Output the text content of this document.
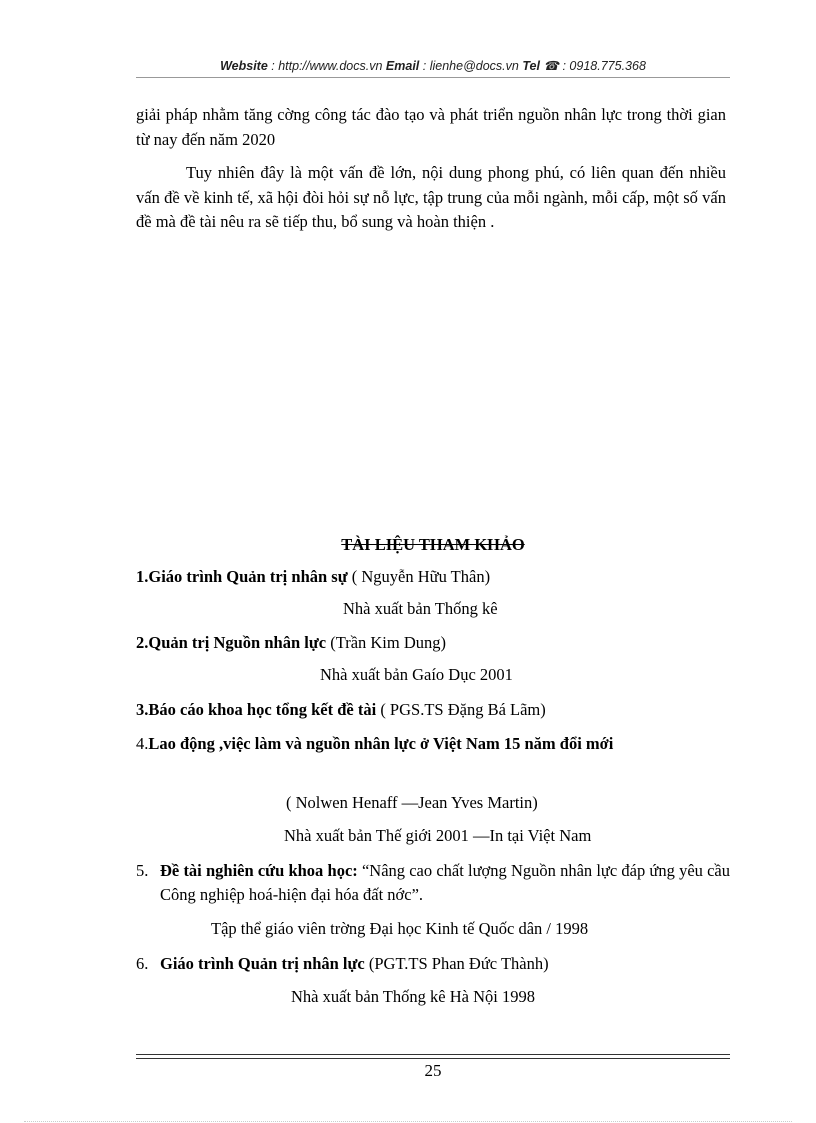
Website : http://www.docs.vn Email : lienhe@docs.vn Tel ☎ : 0918.775.368
giải pháp nhằm tăng cờng công tác đào tạo và phát triển nguồn nhân lực trong thời gian từ nay đến năm 2020
Tuy nhiên đây là một vấn đề lớn, nội dung phong phú, có liên quan đến nhiều vấn đề về kinh tế, xã hội đòi hỏi sự nỗ lực, tập trung của mỗi ngành, mỗi cấp, một số vấn đề mà đề tài nêu ra sẽ tiếp thu, bổ sung và hoàn thiện .
TÀI LIỆU THAM KHẢO
1.Giáo trình Quản trị nhân sự ( Nguyễn Hữu Thân)
Nhà xuất bản Thống kê
2.Quản trị Nguồn nhân lực (Trần Kim Dung)
Nhà xuất bản Gaío Dục 2001
3.Báo cáo khoa học tổng kết đề tài ( PGS.TS Đặng Bá Lãm)
4.Lao động ,việc làm và nguồn nhân lực ở Việt Nam 15 năm đổi mới
( Nolwen Henaff —Jean Yves Martin)
Nhà xuất bản Thế giới 2001 —In tại Việt Nam
5. Đề tài nghiên cứu khoa học: “Nâng cao chất lượng Nguồn nhân lực đáp ứng yêu cầu Công nghiệp hoá-hiện đại hóa đất nớc”.
Tập thể giáo viên trờng Đại học Kinh tế Quốc dân / 1998
6. Giáo trình Quản trị nhân lực (PGT.TS Phan Đức Thành)
Nhà xuất bản Thống kê Hà Nội 1998
25
